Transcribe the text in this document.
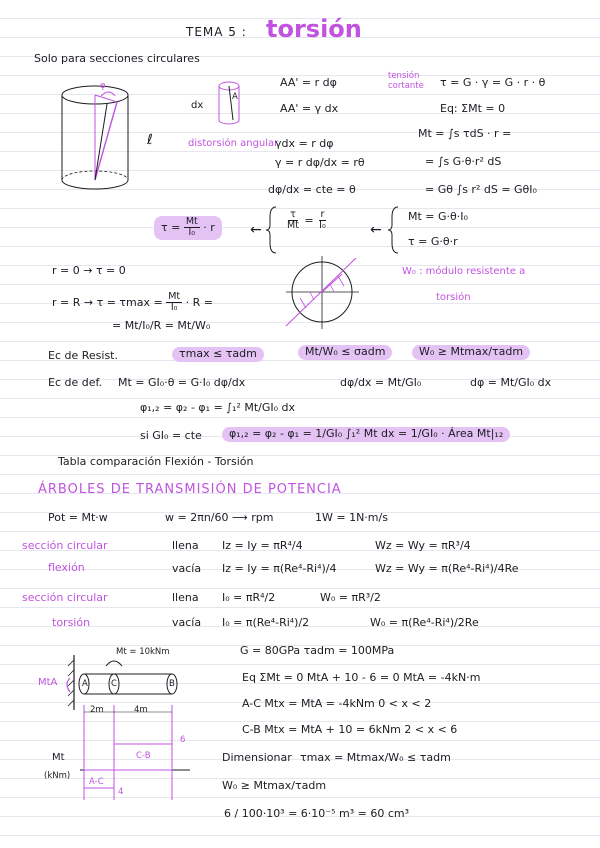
TEMA 5 : torsión
Solo para secciones circulares
φ
ℓ
dx
A
distorsión angular
AA' = r dφ
AA' = γ dx
γdx = r dφ
γ = r dφ/dx = rθ
dφ/dx = cte = θ
tensión cortante	τ = G · γ = G · r · θ
Eq: ΣMt = 0
Mt = ∫s τdS · r =
= ∫s G·θ·r² dS
= Gθ ∫s r² dS = GθI₀
$\tau = \frac{Mt}{\text{I₀}} \cdot r$	← $\frac{\tau}{Mt} = \frac{r}{\text{I₀}}$	←
Mt = G·θ·I₀
τ = G·θ·r
r = 0 → τ = 0
$r = R \to \tau = \tau\max = \frac{Mt}{\text{I₀}} \cdot R$ =
= Mt/I₀/R = Mt/W₀
W₀ : módulo resistente a
torsión
Ec de Resist.	τmax ≤ τadm	Mt/W₀ ≤ σadm	W₀ ≥ Mtmax/τadm
Ec de def. Mt = GI₀·θ = G·I₀ dφ/dx	dφ/dx = Mt/GI₀	dφ = Mt/GI₀ dx
φ₁,₂ = φ₂ - φ₁ = ∫₁² Mt/GI₀ dx
si GI₀ = cte	φ₁,₂ = φ₂ - φ₁ = 1/GI₀ ∫₁² Mt dx = 1/GI₀ · Área Mt|₁₂
Tabla comparación Flexión - Torsión
ÁRBOLES DE TRANSMISIÓN DE POTENCIA
Pot = Mt·w	w = 2πn/60 ⟶ rpm	1W = 1N·m/s
sección circular
flexión
llena Iz = Iy = πR⁴/4	Wz = Wy = πR³/4
vacía Iz = Iy = π(Re⁴-Ri⁴)/4	Wz = Wy = π(Re⁴-Ri⁴)/4Re
sección circular
torsión
llena I₀ = πR⁴/2	W₀ = πR³/2
vacía I₀ = π(Re⁴-Ri⁴)/2	W₀ = π(Re⁴-Ri⁴)/2Re
Mt = 10kNm
MtA	A	C	B
2m	4m
Mt
(kNm)
C-B
A-C
6
4
G = 80GPa τadm = 100MPa
Eq ΣMt = 0 MtA + 10 - 6 = 0 MtA = -4kN·m
A-C Mtx = MtA = -4kNm 0 < x < 2
C-B Mtx = MtA + 10 = 6kNm 2 < x < 6
Dimensionar τmax = Mtmax/W₀ ≤ τadm
W₀ ≥ Mtmax/τadm
6 / 100·10³ = 6·10⁻⁵ m³ = 60 cm³
